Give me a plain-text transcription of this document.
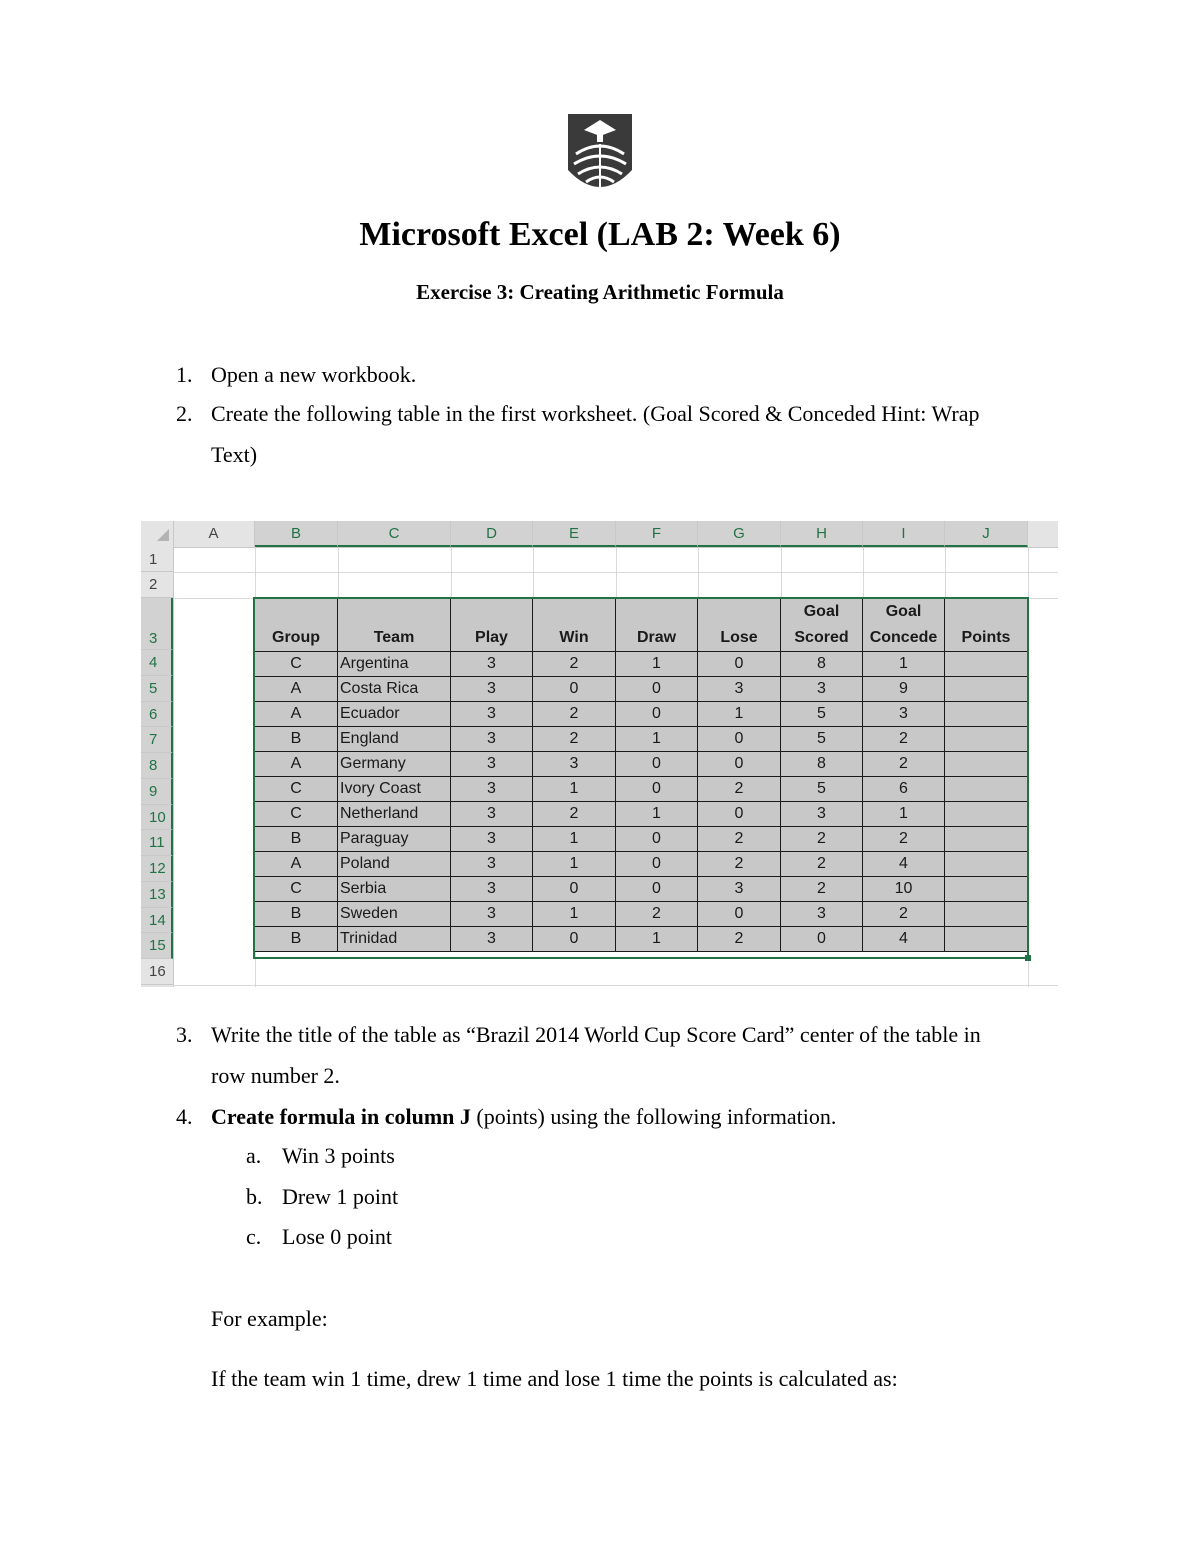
Microsoft Excel (LAB 2: Week 6)
Exercise 3: Creating Arithmetic Formula
1. Open a new workbook.
2. Create the following table in the first worksheet. (Goal Scored & Conceded Hint: Wrap
Text)
A	B	C	D	E	F	G	H	I	J
1
2
3
4
5
6
7
8
9
10
11
12
13
14
15
16
Group	Team	Play	Win	Draw	Lose	Goal Scored	Goal Concede	Points
C	Argentina	3	2	1	0	8	1	
A	Costa Rica	3	0	0	3	3	9	
A	Ecuador	3	2	0	1	5	3	
B	England	3	2	1	0	5	2	
A	Germany	3	3	0	0	8	2	
C	Ivory Coast	3	1	0	2	5	6	
C	Netherland	3	2	1	0	3	1	
B	Paraguay	3	1	0	2	2	2	
A	Poland	3	1	0	2	2	4	
C	Serbia	3	0	0	3	2	10	
B	Sweden	3	1	2	0	3	2	
B	Trinidad	3	0	1	2	0	4	
3. Write the title of the table as “Brazil 2014 World Cup Score Card” center of the table in
row number 2.
4. Create formula in column J (points) using the following information.
a. Win 3 points
b. Drew 1 point
c. Lose 0 point
For example:
If the team win 1 time, drew 1 time and lose 1 time the points is calculated as:
